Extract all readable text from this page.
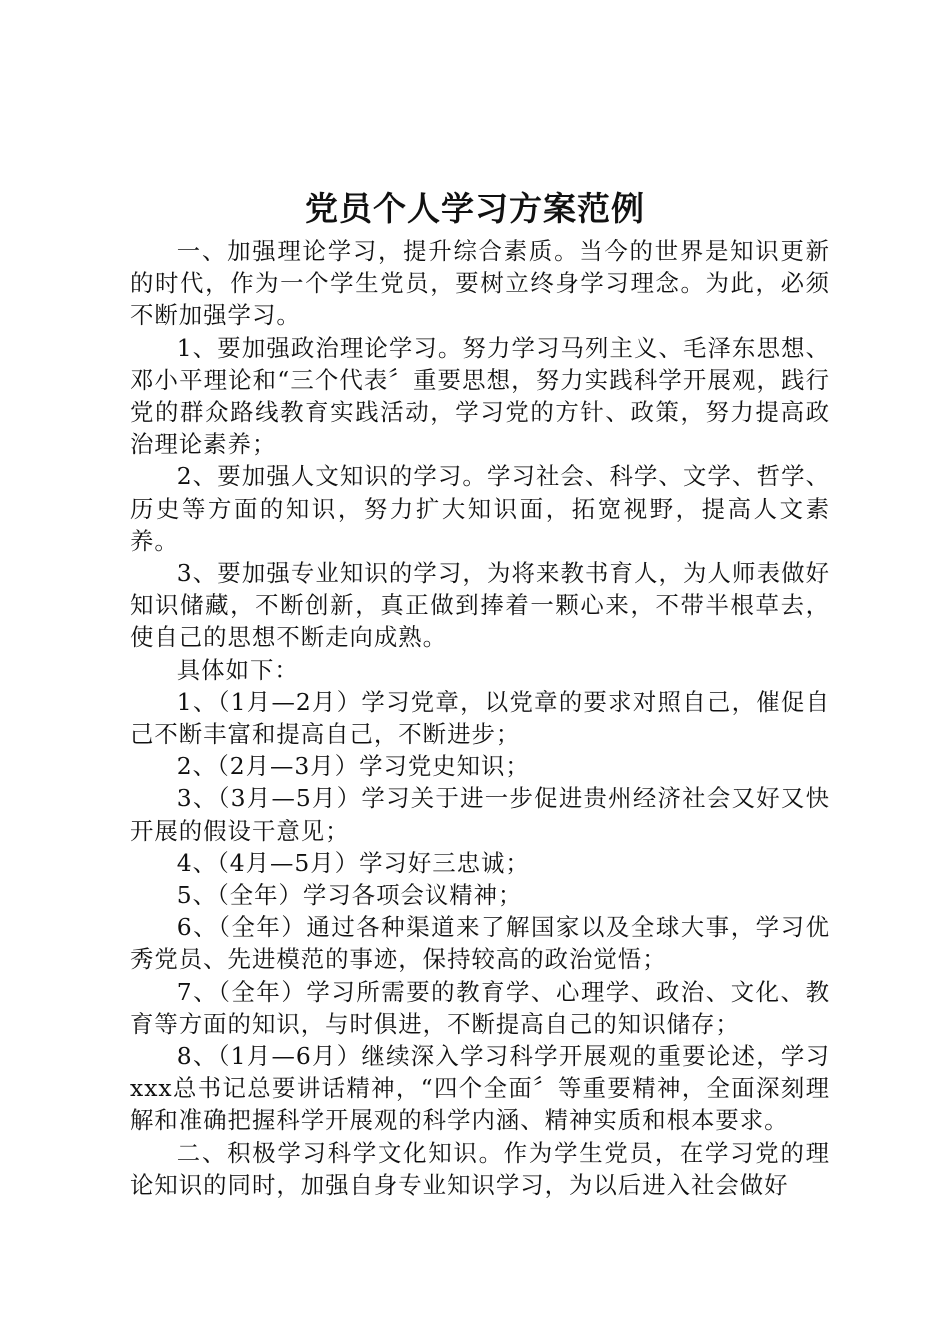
党员个人学习方案范例

一、加强理论学习，提升综合素质。当今的世界是知识更新的时代，作为一个学生党员，要树立终身学习理念。为此，必须不断加强学习。

1、要加强政治理论学习。努力学习马列主义、毛泽东思想、邓小平理论和“三个代表〞重要思想，努力实践科学开展观，践行党的群众路线教育实践活动，学习党的方针、政策，努力提高政治理论素养；

2、要加强人文知识的学习。学习社会、科学、文学、哲学、历史等方面的知识，努力扩大知识面，拓宽视野，提高人文素养。

3、要加强专业知识的学习，为将来教书育人，为人师表做好知识储藏，不断创新，真正做到捧着一颗心来，不带半根草去，使自己的思想不断走向成熟。

具体如下：

1、（1月—2月）学习党章，以党章的要求对照自己，催促自己不断丰富和提高自己，不断进步；

2、（2月—3月）学习党史知识；

3、（3月—5月）学习关于进一步促进贵州经济社会又好又快开展的假设干意见；

4、（4月—5月）学习好三忠诚；

5、（全年）学习各项会议精神；

6、（全年）通过各种渠道来了解国家以及全球大事，学习优秀党员、先进模范的事迹，保持较高的政治觉悟；

7、（全年）学习所需要的教育学、心理学、政治、文化、教育等方面的知识，与时俱进，不断提高自己的知识储存；

8、（1月—6月）继续深入学习科学开展观的重要论述，学习xxx总书记总要讲话精神，“四个全面〞等重要精神，全面深刻理解和准确把握科学开展观的科学内涵、精神实质和根本要求。

二、积极学习科学文化知识。作为学生党员，在学习党的理论知识的同时，加强自身专业知识学习，为以后进入社会做好
